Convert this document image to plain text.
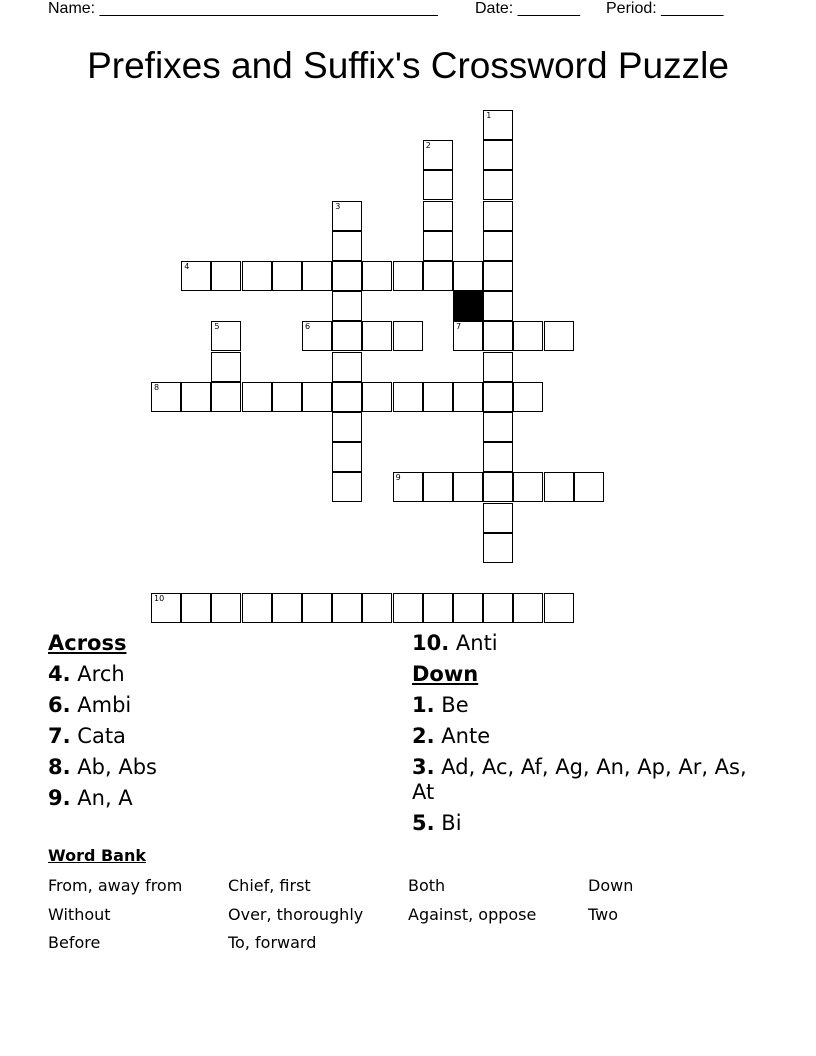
Name: ______________________________________

Date: _______

Period: _______

Prefixes and Suffix's Crossword Puzzle
1
2
3
4
5	6	7
8
9
10
Across
4. Arch
6. Ambi
7. Cata
8. Ab, Abs
9. An, A
10. Anti
Down
1. Be
2. Ante
3. Ad, Ac, Af, Ag, An, Ap, Ar, As, At
5. Bi
Word Bank
From, away from	Chief, first	Both	Down
Without	Over, thoroughly	Against, oppose	Two
Before	To, forward
